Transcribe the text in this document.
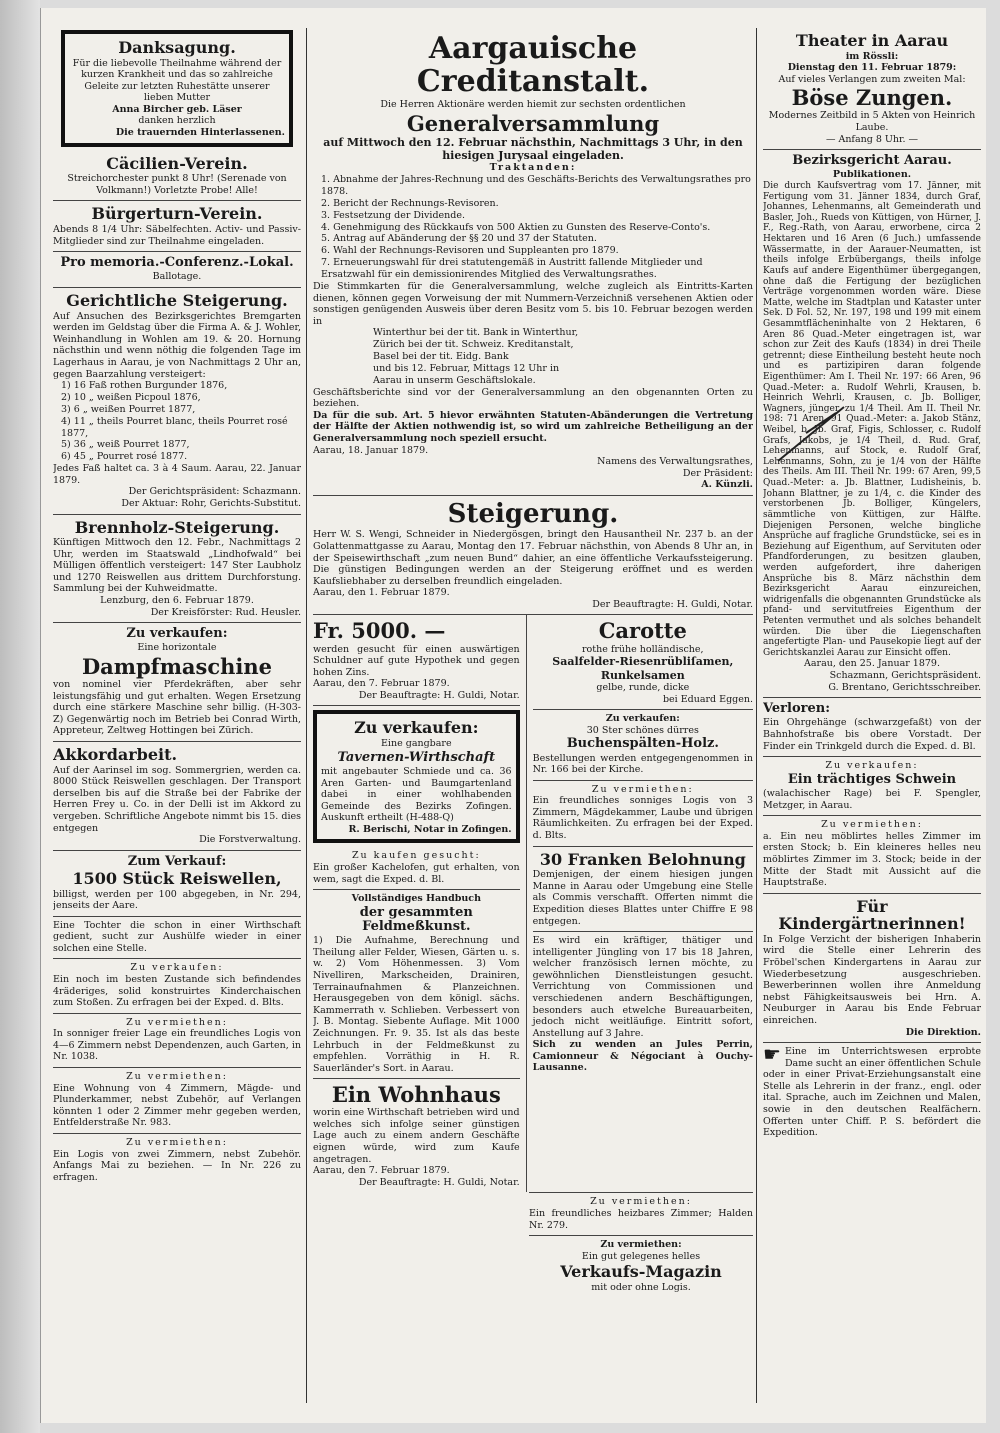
Danksagung.

Für die liebevolle Theilnahme während der kurzen Krankheit und das so zahlreiche Geleite zur letzten Ruhestätte unserer lieben Mutter

Anna Bircher geb. Läser

danken herzlich

Die trauernden Hinterlassenen.

Cäcilien-Verein.

Streichorchester punkt 8 Uhr! (Serenade von Volkmann!) Vorletzte Probe! Alle!

Bürgerturn-Verein.

Abends 8 1/4 Uhr: Säbelfechten. Activ- und Passiv-Mitglieder sind zur Theilnahme eingeladen.

Pro memoria.-Conferenz.-Lokal.

Ballotage.

Gerichtliche Steigerung.

Auf Ansuchen des Bezirksgerichtes Bremgarten werden im Geldstag über die Firma A. & J. Wohler, Weinhandlung in Wohlen am 19. & 20. Hornung nächsthin und wenn nöthig die folgenden Tage im Lagerhaus in Aarau, je von Nachmittags 2 Uhr an, gegen Baarzahlung versteigert:

1) 16 Faß rothen Burgunder 1876,
2) 10 „ weißen Picpoul 1876,
3) 6 „ weißen Pourret 1877,
4) 11 „ theils Pourret blanc, theils Pourret rosé 1877,
5) 36 „ weiß Pourret 1877,
6) 45 „ Pourret rosé 1877.

Jedes Faß haltet ca. 3 à 4 Saum. Aarau, 22. Januar 1879.

Der Gerichtspräsident: Schazmann.

Der Aktuar: Rohr, Gerichts-Substitut.

Brennholz-Steigerung.

Künftigen Mittwoch den 12. Febr., Nachmittags 2 Uhr, werden im Staatswald „Lindhofwald“ bei Mülligen öffentlich versteigert: 147 Ster Laubholz und 1270 Reiswellen aus drittem Durchforstung. Sammlung bei der Kuhweidmatte.

Lenzburg, den 6. Februar 1879.

Der Kreisförster: Rud. Heusler.

Zu verkaufen:

Eine horizontale

Dampfmaschine

von nominel vier Pferdekräften, aber sehr leistungsfähig und gut erhalten. Wegen Ersetzung durch eine stärkere Maschine sehr billig. (H-303-Z) Gegenwärtig noch im Betrieb bei Conrad Wirth, Appreteur, Zeltweg Hottingen bei Zürich.

Akkordarbeit.

Auf der Aarinsel im sog. Sommergrien, werden ca. 8000 Stück Reiswellen geschlagen. Der Transport derselben bis auf die Straße bei der Fabrike der Herren Frey u. Co. in der Delli ist im Akkord zu vergeben. Schriftliche Angebote nimmt bis 15. dies entgegen

Die Forstverwaltung.

Zum Verkauf:
1500 Stück Reiswellen,

billigst, werden per 100 abgegeben, in Nr. 294, jenseits der Aare.

Eine Tochter die schon in einer Wirthschaft gedient, sucht zur Aushülfe wieder in einer solchen eine Stelle.

Zu verkaufen:

Ein noch im besten Zustande sich befindendes 4räderiges, solid konstruirtes Kinderchaischen zum Stoßen. Zu erfragen bei der Exped. d. Blts.

Zu vermiethen:

In sonniger freier Lage ein freundliches Logis von 4—6 Zimmern nebst Dependenzen, auch Garten, in Nr. 1038.

Zu vermiethen:

Eine Wohnung von 4 Zimmern, Mägde- und Plunderkammer, nebst Zubehör, auf Verlangen könnten 1 oder 2 Zimmer mehr gegeben werden, Entfelderstraße Nr. 983.

Zu vermiethen:

Ein Logis von zwei Zimmern, nebst Zubehör. Anfangs Mai zu beziehen. — In Nr. 226 zu erfragen.

Aargauische Creditanstalt.

Die Herren Aktionäre werden hiemit zur sechsten ordentlichen

Generalversammlung

auf Mittwoch den 12. Februar nächsthin, Nachmittags 3 Uhr, in den hiesigen Jurysaal eingeladen.

Traktanden:

1. Abnahme der Jahres-Rechnung und des Geschäfts-Berichts des Verwaltungsrathes pro 1878.
2. Bericht der Rechnungs-Revisoren.
3. Festsetzung der Dividende.
4. Genehmigung des Rückkaufs von 500 Aktien zu Gunsten des Reserve-Conto's.
5. Antrag auf Abänderung der §§ 20 und 37 der Statuten.
6. Wahl der Rechnungs-Revisoren und Suppleanten pro 1879.
7. Erneuerungswahl für drei statutengemäß in Austritt fallende Mitglieder und Ersatzwahl für ein demissionirendes Mitglied des Verwaltungsrathes.

Die Stimmkarten für die Generalversammlung, welche zugleich als Eintritts-Karten dienen, können gegen Vorweisung der mit Nummern-Verzeichniß versehenen Aktien oder sonstigen genügenden Ausweis über deren Besitz vom 5. bis 10. Februar bezogen werden in

Winterthur bei der tit. Bank in Winterthur,
Zürich bei der tit. Schweiz. Kreditanstalt,
Basel bei der tit. Eidg. Bank
und bis 12. Februar, Mittags 12 Uhr in
Aarau in unserm Geschäftslokale.

Geschäftsberichte sind vor der Generalversammlung an den obgenannten Orten zu beziehen.

Da für die sub. Art. 5 hievor erwähnten Statuten-Abänderungen die Vertretung der Hälfte der Aktien nothwendig ist, so wird um zahlreiche Betheiligung an der Generalversammlung noch speziell ersucht.

Aarau, 18. Januar 1879.

Namens des Verwaltungsrathes,

Der Präsident:

A. Künzli.

Steigerung.

Herr W. S. Wengi, Schneider in Niedergösgen, bringt den Hausantheil Nr. 237 b. an der Golattenmattgasse zu Aarau, Montag den 17. Februar nächsthin, von Abends 8 Uhr an, in der Speisewirthschaft „zum neuen Bund“ dahier, an eine öffentliche Verkaufssteigerung. Die günstigen Bedingungen werden an der Steigerung eröffnet und es werden Kaufsliebhaber zu derselben freundlich eingeladen.

Aarau, den 1. Februar 1879.

Der Beauftragte: H. Guldi, Notar.

Fr. 5000. —

werden gesucht für einen auswärtigen Schuldner auf gute Hypothek und gegen hohen Zins.

Aarau, den 7. Februar 1879.

Der Beauftragte: H. Guldi, Notar.

Zu verkaufen:

Eine gangbare

Tavernen-Wirthschaft

mit angebauter Schmiede und ca. 36 Aren Garten- und Baumgartenland dabei in einer wohlhabenden Gemeinde des Bezirks Zofingen. Auskunft ertheilt (H-488-Q)

R. Berischi, Notar in Zofingen.

Zu kaufen gesucht:

Ein großer Kachelofen, gut erhalten, von wem, sagt die Exped. d. Bl.

Vollständiges Handbuch

der gesammten Feldmeßkunst.

1) Die Aufnahme, Berechnung und Theilung aller Felder, Wiesen, Gärten u. s. w. 2) Vom Höhenmessen. 3) Vom Nivelliren, Markscheiden, Drainiren, Terrainaufnahmen & Planzeichnen. Herausgegeben von dem königl. sächs. Kammerrath v. Schlieben. Verbessert von J. B. Montag. Siebente Auflage. Mit 1000 Zeichnungen. Fr. 9. 35. Ist als das beste Lehrbuch in der Feldmeßkunst zu empfehlen. Vorräthig in H. R. Sauerländer's Sort. in Aarau.

Ein Wohnhaus

worin eine Wirthschaft betrieben wird und welches sich infolge seiner günstigen Lage auch zu einem andern Geschäfte eignen würde, wird zum Kaufe angetragen.

Aarau, den 7. Februar 1879.

Der Beauftragte: H. Guldi, Notar.

Carotte

rothe frühe holländische,

Saalfelder-Riesenrübliſamen,

Runkelsamen

gelbe, runde, dicke

bei Eduard Eggen.

Zu verkaufen:

30 Ster schönes dürres

Buchenspälten-Holz.

Bestellungen werden entgegengenommen in Nr. 166 bei der Kirche.

Zu vermiethen:

Ein freundliches sonniges Logis von 3 Zimmern, Mägdekammer, Laube und übrigen Räumlichkeiten. Zu erfragen bei der Exped. d. Blts.

30 Franken Belohnung

Demjenigen, der einem hiesigen jungen Manne in Aarau oder Umgebung eine Stelle als Commis verschafft. Offerten nimmt die Expedition dieses Blattes unter Chiffre E 98 entgegen.

Es wird ein kräftiger, thätiger und intelligenter Jüngling von 17 bis 18 Jahren, welcher französisch lernen möchte, zu gewöhnlichen Dienstleistungen gesucht. Verrichtung von Commissionen und verschiedenen andern Beschäftigungen, besonders auch etwelche Bureauarbeiten, jedoch nicht weitläufige. Eintritt sofort, Anstellung auf 3 Jahre.

Sich zu wenden an Jules Perrin, Camionneur & Négociant à Ouchy-Lausanne.

Zu vermiethen:

Ein freundliches heizbares Zimmer; Halden Nr. 279.

Zu vermiethen:

Ein gut gelegenes helles

Verkaufs-Magazin

mit oder ohne Logis.

Theater in Aarau

im Rössli:

Dienstag den 11. Februar 1879:

Auf vieles Verlangen zum zweiten Mal:

Böse Zungen.

Modernes Zeitbild in 5 Akten von Heinrich Laube.

— Anfang 8 Uhr. —

Bezirksgericht Aarau.

Publikationen.

Die durch Kaufsvertrag vom 17. Jänner, mit Fertigung vom 31. Jänner 1834, durch Graf, Johannes, Lehenmanns, alt Gemeinderath und Basler, Joh., Rueds von Küttigen, von Hürner, J. F., Reg.-Rath, von Aarau, erworbene, circa 2 Hektaren und 16 Aren (6 Juch.) umfassende Wässermatte, in der Aarauer-Neumatten, ist theils infolge Erbübergangs, theils infolge Kaufs auf andere Eigenthümer übergegangen, ohne daß die Fertigung der bezüglichen Verträge vorgenommen worden wäre. Diese Matte, welche im Stadtplan und Kataster unter Sek. D Fol. 52, Nr. 197, 198 und 199 mit einem Gesammtflächeninhalte von 2 Hektaren, 6 Aren 86 Quad.-Meter eingetragen ist, war schon zur Zeit des Kaufs (1834) in drei Theile getrennt; diese Eintheilung besteht heute noch und es partizipiren daran folgende Eigenthümer: Am I. Theil Nr. 197: 66 Aren, 96 Quad.-Meter: a. Rudolf Wehrli, Krausen, b. Heinrich Wehrli, Krausen, c. Jb. Bolliger, Wagners, jünger, zu 1/4 Theil. Am II. Theil Nr. 198: 71 Aren, 91 Quad.-Meter: a. Jakob Stänz, Weibel, b. Jb. Graf, Figis, Schlosser, c. Rudolf Grafs, Jakobs, je 1/4 Theil, d. Rud. Graf, Lehenmanns, auf Stock, e. Rudolf Graf, Lehenmanns, Sohn, zu je 1/4 von der Hälfte des Theils. Am III. Theil Nr. 199: 67 Aren, 99,5 Quad.-Meter: a. Jb. Blattner, Ludisheinis, b. Johann Blattner, je zu 1/4, c. die Kinder des verstorbenen Jb. Bolliger, Küngelers, sämmtliche von Küttigen, zur Hälfte. Diejenigen Personen, welche bingliche Ansprüche auf fragliche Grundstücke, sei es in Beziehung auf Eigenthum, auf Servituten oder Pfandforderungen, zu besitzen glauben, werden aufgefordert, ihre daherigen Ansprüche bis 8. März nächsthin dem Bezirksgericht Aarau einzureichen, widrigenfalls die obgenannten Grundstücke als pfand- und servitutfreies Eigenthum der Petenten vermuthet und als solches behandelt würden. Die über die Liegenschaften angefertigte Plan- und Pausekopie liegt auf der Gerichtskanzlei Aarau zur Einsicht offen.

Aarau, den 25. Januar 1879.

Schazmann, Gerichtspräsident.

G. Brentano, Gerichtsschreiber.

Verloren:

Ein Ohrgehänge (schwarzgefaßt) von der Bahnhofstraße bis obere Vorstadt. Der Finder ein Trinkgeld durch die Exped. d. Bl.

Zu verkaufen:

Ein trächtiges Schwein

(walachischer Rage) bei F. Spengler, Metzger, in Aarau.

Zu vermiethen:

a. Ein neu möblirtes helles Zimmer im ersten Stock; b. Ein kleineres helles neu möblirtes Zimmer im 3. Stock; beide in der Mitte der Stadt mit Aussicht auf die Hauptstraße.

Für Kindergärtnerinnen!

In Folge Verzicht der bisherigen Inhaberin wird die Stelle einer Lehrerin des Fröbel'schen Kindergartens in Aarau zur Wiederbesetzung ausgeschrieben. Bewerberinnen wollen ihre Anmeldung nebst Fähigkeitsausweis bei Hrn. A. Neuburger in Aarau bis Ende Februar einreichen.

Die Direktion.

☛ Eine im Unterrichtswesen erprobte Dame sucht an einer öffentlichen Schule oder in einer Privat-Erziehungsanstalt eine Stelle als Lehrerin in der franz., engl. oder ital. Sprache, auch im Zeichnen und Malen, sowie in den deutschen Realfächern. Offerten unter Chiff. P. S. befördert die Expedition.
